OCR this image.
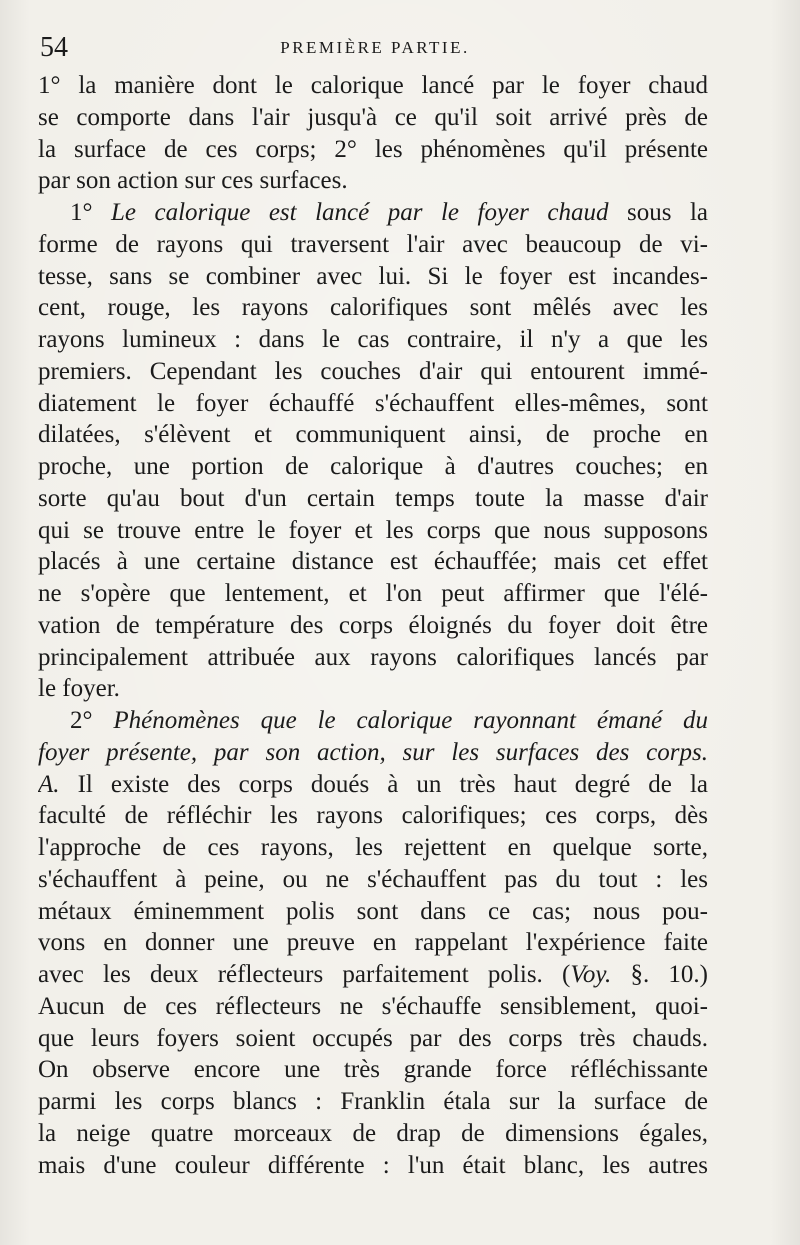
54	PREMIÈRE PARTIE.
1° la manière dont le calorique lancé par le foyer chaud
se comporte dans l'air jusqu'à ce qu'il soit arrivé près de
la surface de ces corps; 2° les phénomènes qu'il présente
par son action sur ces surfaces.
1° Le calorique est lancé par le foyer chaud sous la
forme de rayons qui traversent l'air avec beaucoup de vi-
tesse, sans se combiner avec lui. Si le foyer est incandes-
cent, rouge, les rayons calorifiques sont mêlés avec les
rayons lumineux : dans le cas contraire, il n'y a que les
premiers. Cependant les couches d'air qui entourent immé-
diatement le foyer échauffé s'échauffent elles-mêmes, sont
dilatées, s'élèvent et communiquent ainsi, de proche en
proche, une portion de calorique à d'autres couches; en
sorte qu'au bout d'un certain temps toute la masse d'air
qui se trouve entre le foyer et les corps que nous supposons
placés à une certaine distance est échauffée; mais cet effet
ne s'opère que lentement, et l'on peut affirmer que l'élé-
vation de température des corps éloignés du foyer doit être
principalement attribuée aux rayons calorifiques lancés par
le foyer.
2° Phénomènes que le calorique rayonnant émané du
foyer présente, par son action, sur les surfaces des corps.
A. Il existe des corps doués à un très haut degré de la
faculté de réfléchir les rayons calorifiques; ces corps, dès
l'approche de ces rayons, les rejettent en quelque sorte,
s'échauffent à peine, ou ne s'échauffent pas du tout : les
métaux éminemment polis sont dans ce cas; nous pou-
vons en donner une preuve en rappelant l'expérience faite
avec les deux réflecteurs parfaitement polis. (Voy. §. 10.)
Aucun de ces réflecteurs ne s'échauffe sensiblement, quoi-
que leurs foyers soient occupés par des corps très chauds.
On observe encore une très grande force réfléchissante
parmi les corps blancs : Franklin étala sur la surface de
la neige quatre morceaux de drap de dimensions égales,
mais d'une couleur différente : l'un était blanc, les autres
